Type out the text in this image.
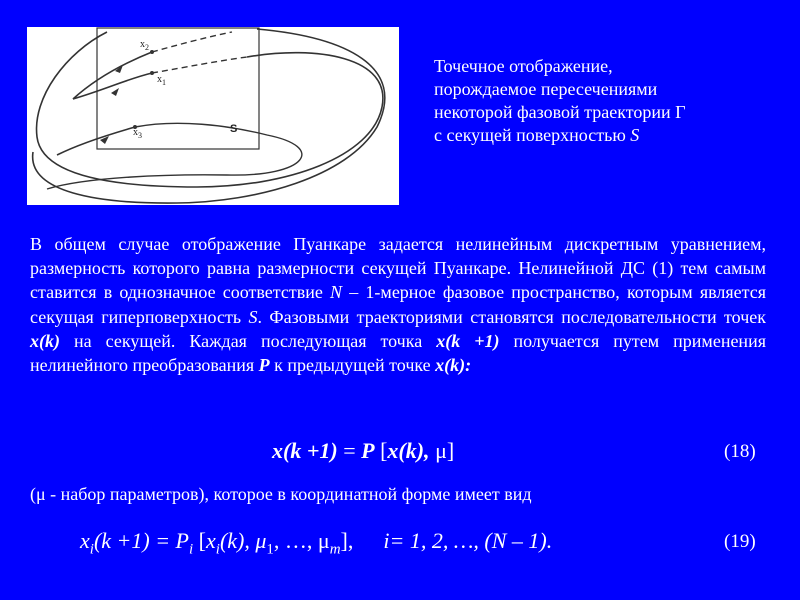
$x_2$
$x_1$
$x_3$
S
Точечное отображение,
порождаемое пересечениями
некоторой фазовой траектории Г
с секущей поверхностью S
В общем случае отображение Пуанкаре задается нелинейным дискретным уравнением, размерность которого равна размерности секущей Пуанкаре. Нелинейной ДС (1) тем самым ставится в однозначное соответствие N – 1-мерное фазовое пространство, которым является секущая гиперповерхность S. Фазовыми траекториями становятся последовательности точек x(k) на секущей. Каждая последующая точка x(k +1) получается путем применения нелинейного преобразования P к предыдущей точке x(k):
x(k +1) = P [x(k), μ]	(18)
(μ - набор параметров), которое в координатной форме имеет вид
$x_i(k +1) = P_i$ [$x_i(k)$, $\mu_1$, …, $\mu_m$], i= 1, 2, …, (N – 1).	(19)
